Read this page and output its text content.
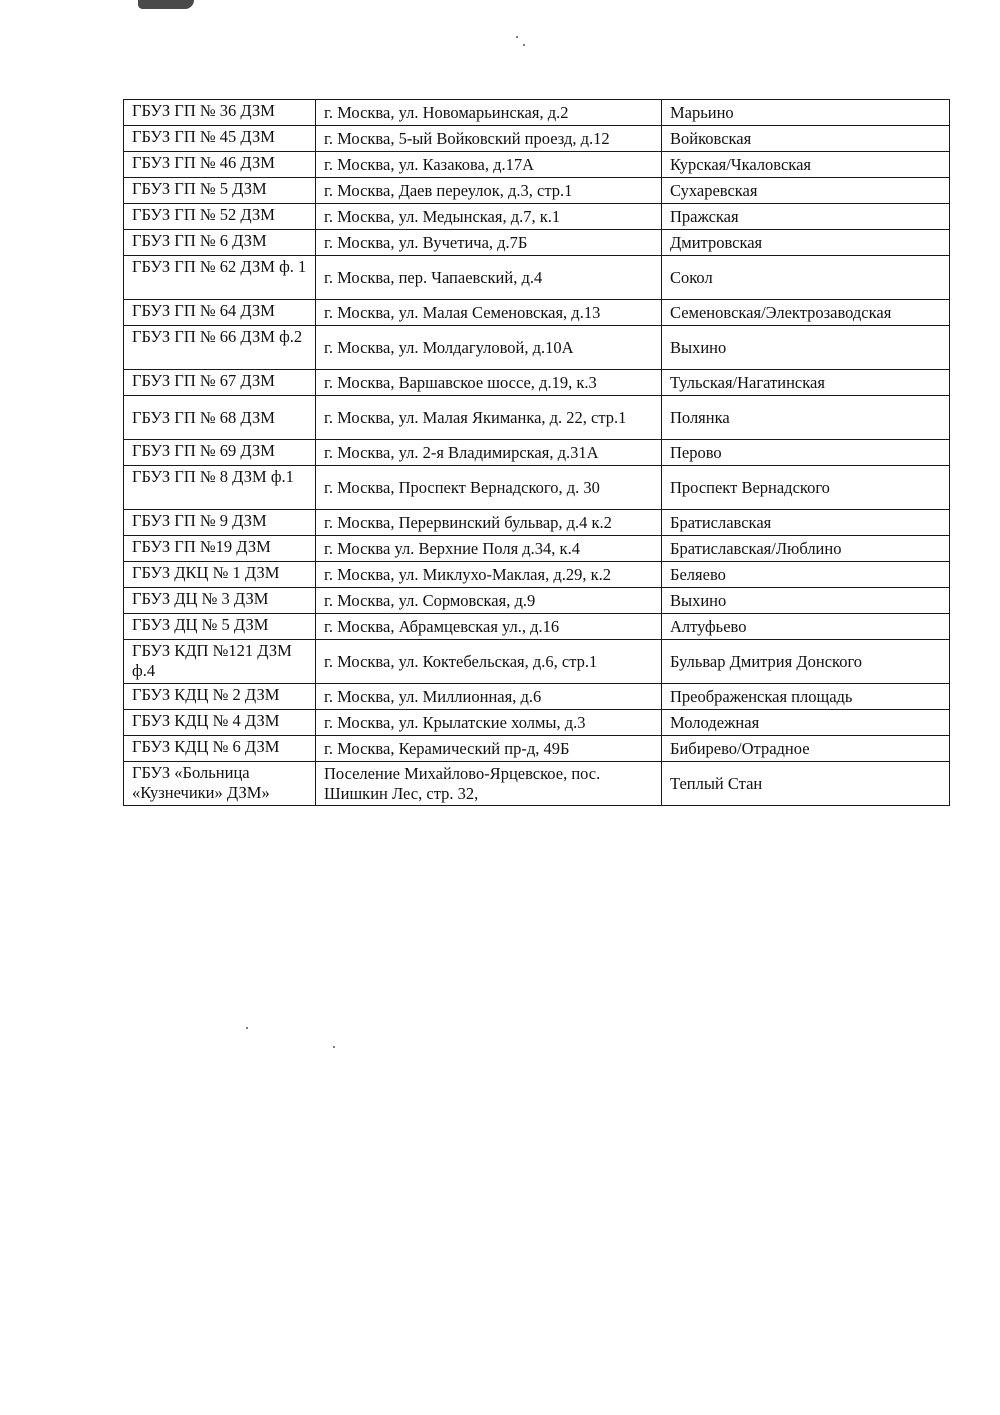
ГБУЗ ГП № 36 ДЗМ	г. Москва, ул. Новомарьинская, д.2	Марьино
ГБУЗ ГП № 45 ДЗМ	г. Москва, 5-ый Войковский проезд, д.12	Войковская
ГБУЗ ГП № 46 ДЗМ	г. Москва, ул. Казакова, д.17А	Курская/Чкаловская
ГБУЗ ГП № 5 ДЗМ	г. Москва, Даев переулок, д.3, стр.1	Сухаревская
ГБУЗ ГП № 52 ДЗМ	г. Москва, ул. Медынская, д.7, к.1	Пражская
ГБУЗ ГП № 6 ДЗМ	г. Москва, ул. Вучетича, д.7Б	Дмитровская
ГБУЗ ГП № 62 ДЗМ ф. 1	г. Москва, пер. Чапаевский, д.4	Сокол
ГБУЗ ГП № 64 ДЗМ	г. Москва, ул. Малая Семеновская, д.13	Семеновская/Электрозаводская
ГБУЗ ГП № 66 ДЗМ ф.2	г. Москва, ул. Молдагуловой, д.10А	Выхино
ГБУЗ ГП № 67 ДЗМ	г. Москва, Варшавское шоссе, д.19, к.3	Тульская/Нагатинская
ГБУЗ ГП № 68 ДЗМ	г. Москва, ул. Малая Якиманка, д. 22, стр.1	Полянка
ГБУЗ ГП № 69 ДЗМ	г. Москва, ул. 2-я Владимирская, д.31А	Перово
ГБУЗ ГП № 8 ДЗМ ф.1	г. Москва, Проспект Вернадского, д. 30	Проспект Вернадского
ГБУЗ ГП № 9 ДЗМ	г. Москва, Перервинский бульвар, д.4 к.2	Братиславская
ГБУЗ ГП №19 ДЗМ	г. Москва ул. Верхние Поля д.34, к.4	Братиславская/Люблино
ГБУЗ ДКЦ № 1 ДЗМ	г. Москва, ул. Миклухо-Маклая, д.29, к.2	Беляево
ГБУЗ ДЦ № 3 ДЗМ	г. Москва, ул. Сормовская, д.9	Выхино
ГБУЗ ДЦ № 5 ДЗМ	г. Москва, Абрамцевская ул., д.16	Алтуфьево
ГБУЗ КДП №121 ДЗМ ф.4	г. Москва, ул. Коктебельская, д.6, стр.1	Бульвар Дмитрия Донского
ГБУЗ КДЦ № 2 ДЗМ	г. Москва, ул. Миллионная, д.6	Преображенская площадь
ГБУЗ КДЦ № 4 ДЗМ	г. Москва, ул. Крылатские холмы, д.3	Молодежная
ГБУЗ КДЦ № 6 ДЗМ	г. Москва, Керамический пр-д, 49Б	Бибирево/Отрадное
ГБУЗ «Больница «Кузнечики» ДЗМ»	Поселение Михайлово-Ярцевское, пос. Шишкин Лес, стр. 32,	Теплый Стан
